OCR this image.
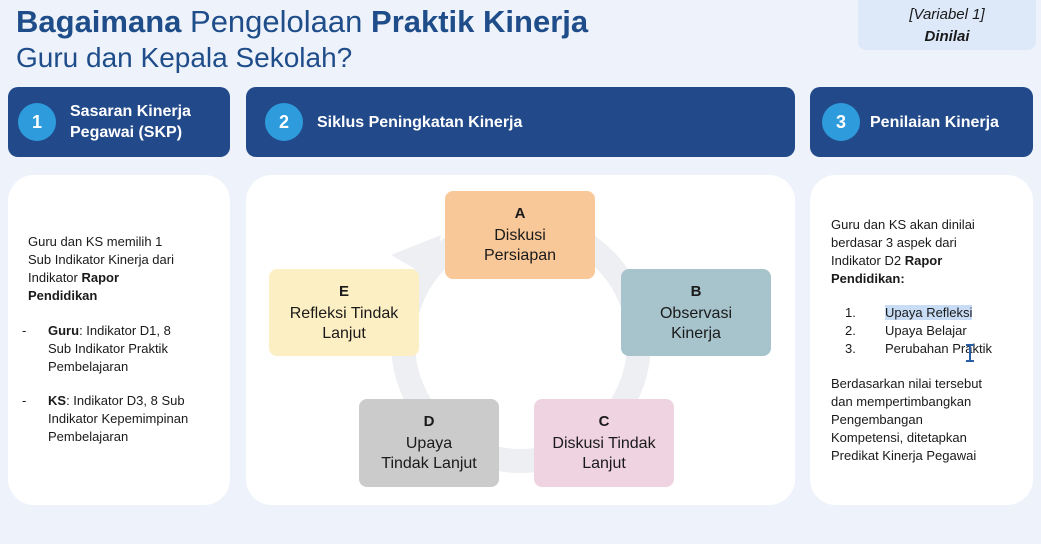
Bagaimana Pengelolaan Praktik Kinerja
Guru dan Kepala Sekolah?
[Variabel 1]
Dinilai
1	Sasaran Kinerja
Pegawai (SKP)
2	Siklus Peningkatan Kinerja	3	Penilaian Kinerja
Guru dan KS memilih 1
Sub Indikator Kinerja dari
Indikator Rapor
Pendidikan
- Guru: Indikator D1, 8
Sub Indikator Praktik
Pembelajaran
- KS: Indikator D3, 8 Sub
Indikator Kepemimpinan
Pembelajaran
A
Diskusi
Persiapan
B
Observasi
Kinerja
C
Diskusi Tindak
Lanjut
D
Upaya
Tindak Lanjut
E
Refleksi Tindak
Lanjut
Guru dan KS akan dinilai
berdasar 3 aspek dari
Indikator D2 Rapor
Pendidikan:
1. Upaya Refleksi
2. Upaya Belajar
3. Perubahan Praktik
Berdasarkan nilai tersebut
dan mempertimbangkan
Pengembangan
Kompetensi, ditetapkan
Predikat Kinerja Pegawai
